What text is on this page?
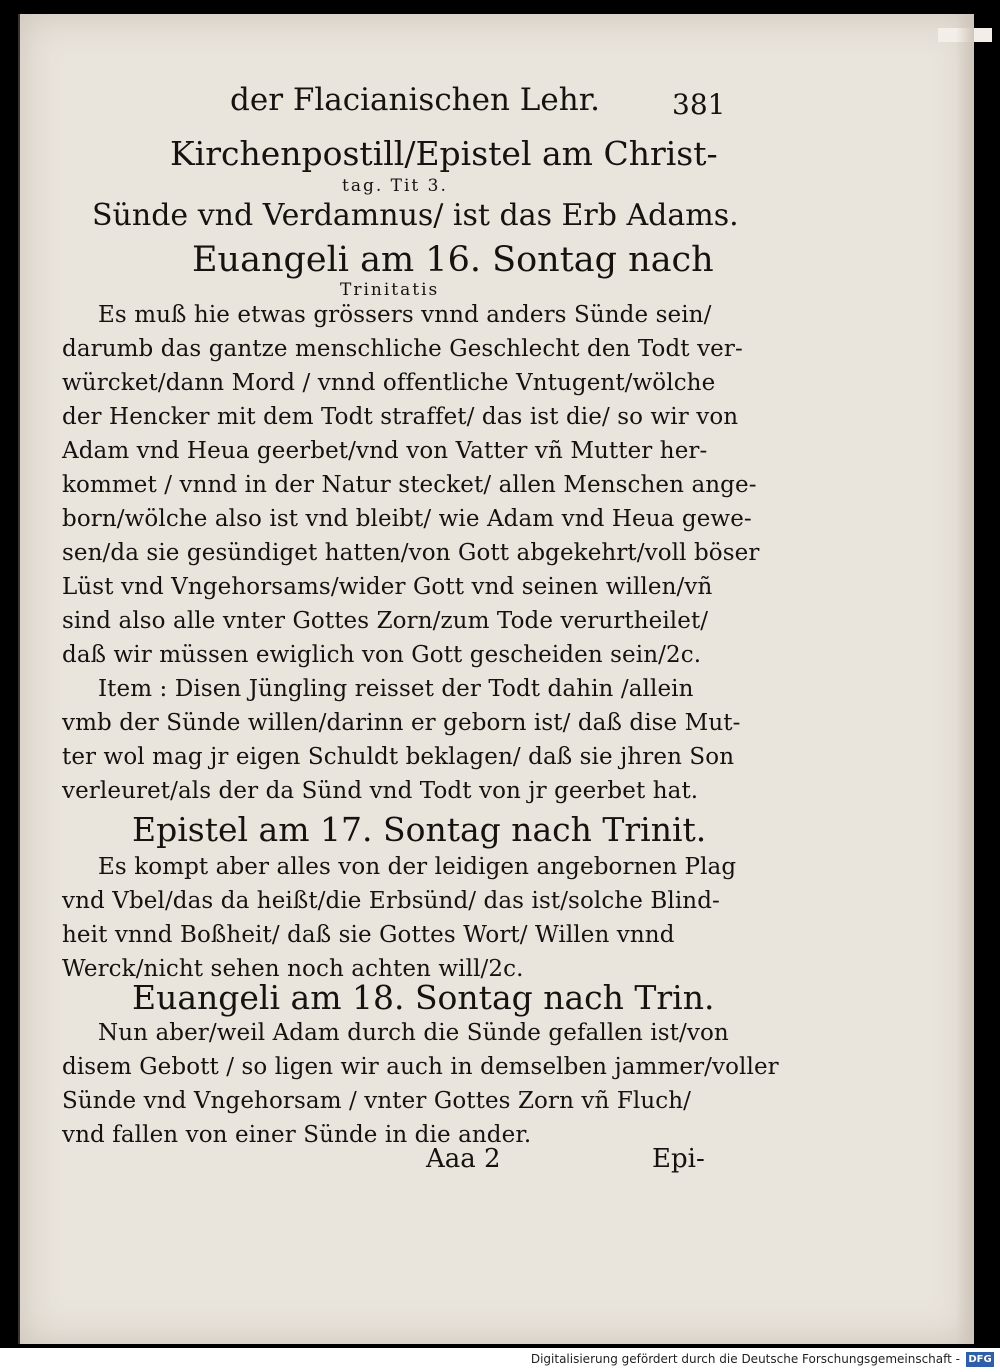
der Flacianischen Lehr.	381
Kirchenpostill/Epistel am Christ-
tag. Tit 3.
Sünde vnd Verdamnus/ ist das Erb Adams.
Euangeli am 16. Sontag nach
Trinitatis
Es muß hie etwas grössers vnnd anders Sünde sein/
darumb das gantze menschliche Geschlecht den Todt ver-
würcket/dann Mord / vnnd offentliche Vntugent/wölche
der Hencker mit dem Todt straffet/ das ist die/ so wir von
Adam vnd Heua geerbet/vnd von Vatter vñ Mutter her-
kommet / vnnd in der Natur stecket/ allen Menschen ange-
born/wölche also ist vnd bleibt/ wie Adam vnd Heua gewe-
sen/da sie gesündiget hatten/von Gott abgekehrt/voll böser
Lüst vnd Vngehorsams/wider Gott vnd seinen willen/vñ
sind also alle vnter Gottes Zorn/zum Tode verurtheilet/
daß wir müssen ewiglich von Gott gescheiden sein/2c.
Item : Disen Jüngling reisset der Todt dahin /allein
vmb der Sünde willen/darinn er geborn ist/ daß dise Mut-
ter wol mag jr eigen Schuldt beklagen/ daß sie jhren Son
verleuret/als der da Sünd vnd Todt von jr geerbet hat.
Epistel am 17. Sontag nach Trinit.
Es kompt aber alles von der leidigen angebornen Plag
vnd Vbel/das da heißt/die Erbsünd/ das ist/solche Blind-
heit vnnd Boßheit/ daß sie Gottes Wort/ Willen vnnd
Werck/nicht sehen noch achten will/2c.
Euangeli am 18. Sontag nach Trin.
Nun aber/weil Adam durch die Sünde gefallen ist/von
disem Gebott / so ligen wir auch in demselben jammer/voller
Sünde vnd Vngehorsam / vnter Gottes Zorn vñ Fluch/
vnd fallen von einer Sünde in die ander.
Aaa 2	Epi-
Digitalisierung gefördert durch die Deutsche Forschungsgemeinschaft - DFG
